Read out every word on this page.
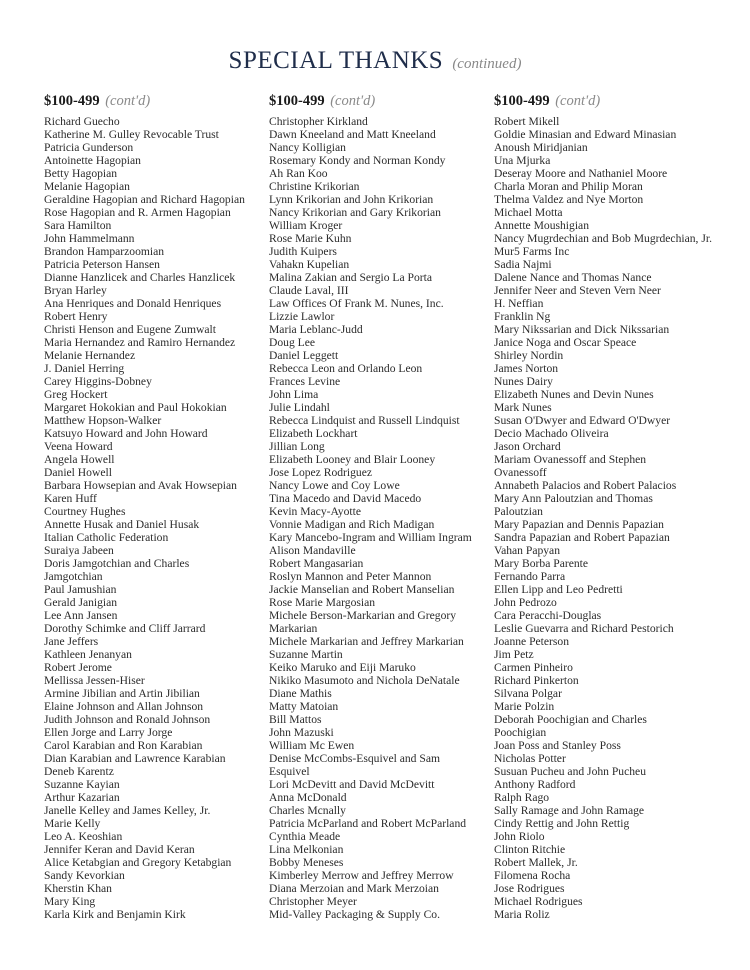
SPECIAL THANKS (continued)
$100-499 (cont'd)
Richard Guecho
Katherine M. Gulley Revocable Trust
Patricia Gunderson
Antoinette Hagopian
Betty Hagopian
Melanie Hagopian
Geraldine Hagopian and Richard Hagopian
Rose Hagopian and R. Armen Hagopian
Sara Hamilton
John Hammelmann
Brandon Hamparzoomian
Patricia Peterson Hansen
Dianne Hanzlicek and Charles Hanzlicek
Bryan Harley
Ana Henriques and Donald Henriques
Robert Henry
Christi Henson and Eugene Zumwalt
Maria Hernandez and Ramiro Hernandez
Melanie Hernandez
J. Daniel Herring
Carey Higgins-Dobney
Greg Hockert
Margaret Hokokian and Paul Hokokian
Matthew Hopson-Walker
Katsuyo Howard and John Howard
Veena Howard
Angela Howell
Daniel Howell
Barbara Howsepian and Avak Howsepian
Karen Huff
Courtney Hughes
Annette Husak and Daniel Husak
Italian Catholic Federation
Suraiya Jabeen
Doris Jamgotchian and Charles
Jamgotchian
Paul Jamushian
Gerald Janigian
Lee Ann Jansen
Dorothy Schimke and Cliff Jarrard
Jane Jeffers
Kathleen Jenanyan
Robert Jerome
Mellissa Jessen-Hiser
Armine Jibilian and Artin Jibilian
Elaine Johnson and Allan Johnson
Judith Johnson and Ronald Johnson
Ellen Jorge and Larry Jorge
Carol Karabian and Ron Karabian
Dian Karabian and Lawrence Karabian
Deneb Karentz
Suzanne Kayian
Arthur Kazarian
Janelle Kelley and James Kelley, Jr.
Marie Kelly
Leo A. Keoshian
Jennifer Keran and David Keran
Alice Ketabgian and Gregory Ketabgian
Sandy Kevorkian
Kherstin Khan
Mary King
Karla Kirk and Benjamin Kirk
$100-499 (cont'd)
Christopher Kirkland
Dawn Kneeland and Matt Kneeland
Nancy Kolligian
Rosemary Kondy and Norman Kondy
Ah Ran Koo
Christine Krikorian
Lynn Krikorian and John Krikorian
Nancy Krikorian and Gary Krikorian
William Kroger
Rose Marie Kuhn
Judith Kuipers
Vahakn Kupelian
Malina Zakian and Sergio La Porta
Claude Laval, III
Law Offices Of Frank M. Nunes, Inc.
Lizzie Lawlor
Maria Leblanc-Judd
Doug Lee
Daniel Leggett
Rebecca Leon and Orlando Leon
Frances Levine
John Lima
Julie Lindahl
Rebecca Lindquist and Russell Lindquist
Elizabeth Lockhart
Jillian Long
Elizabeth Looney and Blair Looney
Jose Lopez Rodriguez
Nancy Lowe and Coy Lowe
Tina Macedo and David Macedo
Kevin Macy-Ayotte
Vonnie Madigan and Rich Madigan
Kary Mancebo-Ingram and William Ingram
Alison Mandaville
Robert Mangasarian
Roslyn Mannon and Peter Mannon
Jackie Manselian and Robert Manselian
Rose Marie Margosian
Michele Berson-Markarian and Gregory
Markarian
Michele Markarian and Jeffrey Markarian
Suzanne Martin
Keiko Maruko and Eiji Maruko
Nikiko Masumoto and Nichola DeNatale
Diane Mathis
Matty Matoian
Bill Mattos
John Mazuski
William Mc Ewen
Denise McCombs-Esquivel and Sam
Esquivel
Lori McDevitt and David McDevitt
Anna McDonald
Charles Mcnally
Patricia McParland and Robert McParland
Cynthia Meade
Lina Melkonian
Bobby Meneses
Kimberley Merrow and Jeffrey Merrow
Diana Merzoian and Mark Merzoian
Christopher Meyer
Mid-Valley Packaging & Supply Co.
$100-499 (cont'd)
Robert Mikell
Goldie Minasian and Edward Minasian
Anoush Miridjanian
Una Mjurka
Deseray Moore and Nathaniel Moore
Charla Moran and Philip Moran
Thelma Valdez and Nye Morton
Michael Motta
Annette Moushigian
Nancy Mugrdechian and Bob Mugrdechian, Jr.
Mur5 Farms Inc
Sadia Najmi
Dalene Nance and Thomas Nance
Jennifer Neer and Steven Vern Neer
H. Neffian
Franklin Ng
Mary Nikssarian and Dick Nikssarian
Janice Noga and Oscar Speace
Shirley Nordin
James Norton
Nunes Dairy
Elizabeth Nunes and Devin Nunes
Mark Nunes
Susan O'Dwyer and Edward O'Dwyer
Decio Machado Oliveira
Jason Orchard
Mariam Ovanessoff and Stephen
Ovanessoff
Annabeth Palacios and Robert Palacios
Mary Ann Paloutzian and Thomas
Paloutzian
Mary Papazian and Dennis Papazian
Sandra Papazian and Robert Papazian
Vahan Papyan
Mary Borba Parente
Fernando Parra
Ellen Lipp and Leo Pedretti
John Pedrozo
Cara Peracchi-Douglas
Leslie Guevarra and Richard Pestorich
Joanne Peterson
Jim Petz
Carmen Pinheiro
Richard Pinkerton
Silvana Polgar
Marie Polzin
Deborah Poochigian and Charles
Poochigian
Joan Poss and Stanley Poss
Nicholas Potter
Susuan Pucheu and John Pucheu
Anthony Radford
Ralph Rago
Sally Ramage and John Ramage
Cindy Rettig and John Rettig
John Riolo
Clinton Ritchie
Robert Mallek, Jr.
Filomena Rocha
Jose Rodrigues
Michael Rodrigues
Maria Roliz
